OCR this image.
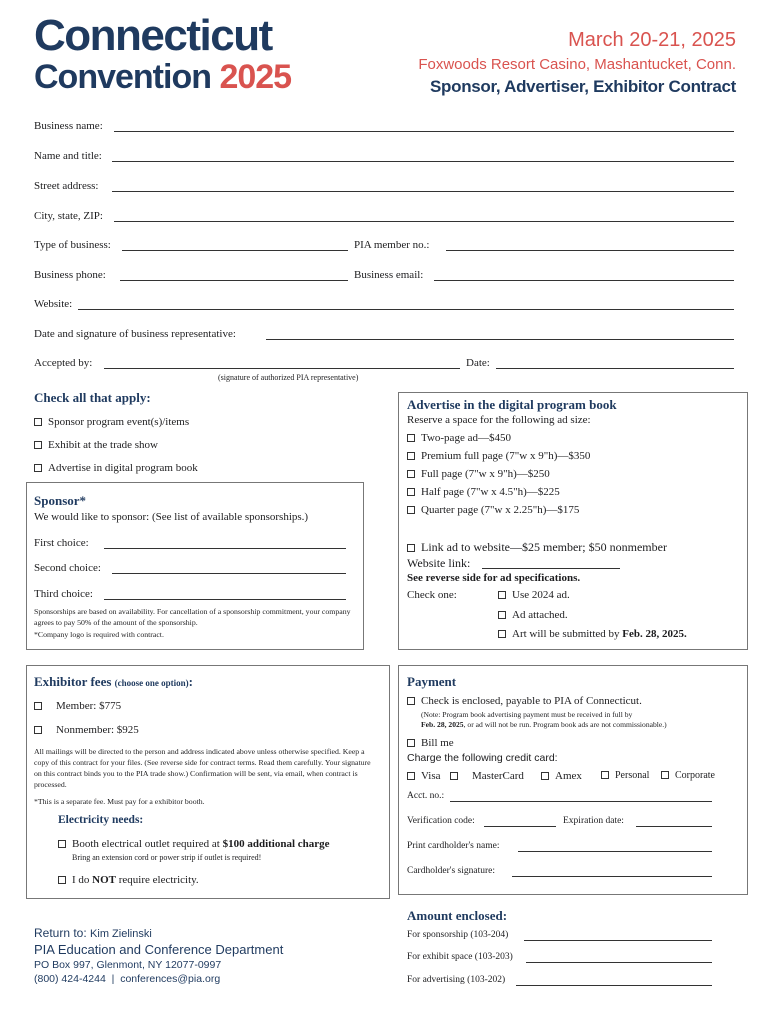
Connecticut
Convention 2025
March 20-21, 2025
Foxwoods Resort Casino, Mashantucket, Conn.
Sponsor, Advertiser, Exhibitor Contract
Business name:
Name and title:
Street address:
City, state, ZIP:
Type of business:	PIA member no.:
Business phone:	Business email:
Website:
Date and signature of business representative:
Accepted by:	Date:
(signature of authorized PIA representative)
Check all that apply:
Sponsor program event(s)/items
Exhibit at the trade show
Advertise in digital program book
Sponsor*
We would like to sponsor: (See list of available sponsorships.)
First choice:
Second choice:
Third choice:
Sponsorships are based on availability. For cancellation of a sponsorship commitment, your company agrees to pay 50% of the amount of the sponsorship.
*Company logo is required with contract.
Advertise in the digital program book
Reserve a space for the following ad size:
Two-page ad—$450
Premium full page (7"w x 9"h)—$350
Full page (7"w x 9"h)—$250
Half page (7"w x 4.5"h)—$225
Quarter page (7"w x 2.25"h)—$175
Link ad to website—$25 member; $50 nonmember
Website link:
See reverse side for ad specifications.
Check one:	Use 2024 ad.
Ad attached.
Art will be submitted by Feb. 28, 2025.
Exhibitor fees (choose one option):
Member: $775
Nonmember: $925
All mailings will be directed to the person and address indicated above unless otherwise specified. Keep a copy of this contract for your files. (See reverse side for contract terms. Read them carefully. Your signature on this contract binds you to the PIA trade show.) Confirmation will be sent, via email, when contract is processed.
*This is a separate fee. Must pay for a exhibitor booth.
Electricity needs:
Booth electrical outlet required at $100 additional charge
Bring an extension cord or power strip if outlet is required!
I do NOT require electricity.
Payment
Check is enclosed, payable to PIA of Connecticut.
(Note: Program book advertising payment must be received in full by
Feb. 28, 2025, or ad will not be run. Program book ads are not commissionable.)
Bill me
Charge the following credit card:
Visa	MasterCard	Amex	Personal	Corporate
Acct. no.:
Verification code:	Expiration date:
Print cardholder's name:
Cardholder's signature:
Amount enclosed:
For sponsorship (103-204)
For exhibit space (103-203)
For advertising (103-202)
Return to: Kim Zielinski
PIA Education and Conference Department
PO Box 997, Glenmont, NY 12077-0997
(800) 424-4244  |  conferences@pia.org
